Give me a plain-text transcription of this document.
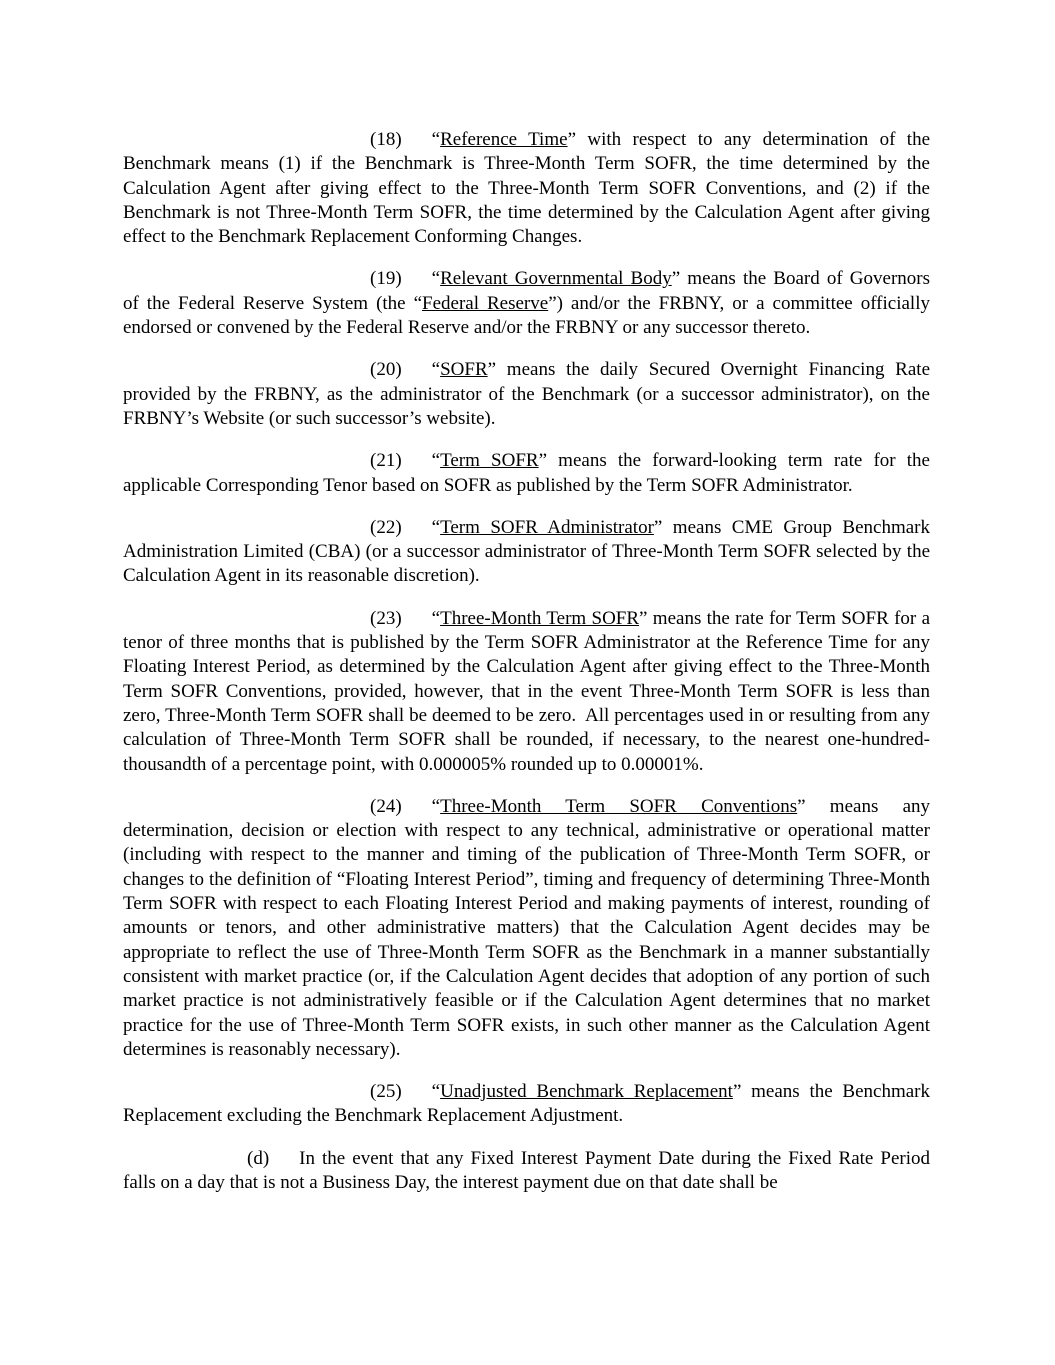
(18) “Reference Time” with respect to any determination of the Benchmark means (1) if the Benchmark is Three-Month Term SOFR, the time determined by the Calculation Agent after giving effect to the Three-Month Term SOFR Conventions, and (2) if the Benchmark is not Three-Month Term SOFR, the time determined by the Calculation Agent after giving effect to the Benchmark Replacement Conforming Changes.

(19) “Relevant Governmental Body” means the Board of Governors of the Federal Reserve System (the “Federal Reserve”) and/or the FRBNY, or a committee officially endorsed or convened by the Federal Reserve and/or the FRBNY or any successor thereto.

(20) “SOFR” means the daily Secured Overnight Financing Rate provided by the FRBNY, as the administrator of the Benchmark (or a successor administrator), on the FRBNY’s Website (or such successor’s website).

(21) “Term SOFR” means the forward-looking term rate for the applicable Corresponding Tenor based on SOFR as published by the Term SOFR Administrator.

(22) “Term SOFR Administrator” means CME Group Benchmark Administration Limited (CBA) (or a successor administrator of Three-Month Term SOFR selected by the Calculation Agent in its reasonable discretion).

(23) “Three-Month Term SOFR” means the rate for Term SOFR for a tenor of three months that is published by the Term SOFR Administrator at the Reference Time for any Floating Interest Period, as determined by the Calculation Agent after giving effect to the Three-Month Term SOFR Conventions, provided, however, that in the event Three-Month Term SOFR is less than zero, Three-Month Term SOFR shall be deemed to be zero.  All percentages used in or resulting from any calculation of Three-Month Term SOFR shall be rounded, if necessary, to the nearest one-hundred-thousandth of a percentage point, with 0.000005% rounded up to 0.00001%.

(24) “Three-Month Term SOFR Conventions” means any determination, decision or election with respect to any technical, administrative or operational matter (including with respect to the manner and timing of the publication of Three-Month Term SOFR, or changes to the definition of “Floating Interest Period”, timing and frequency of determining Three-Month Term SOFR with respect to each Floating Interest Period and making payments of interest, rounding of amounts or tenors, and other administrative matters) that the Calculation Agent decides may be appropriate to reflect the use of Three-Month Term SOFR as the Benchmark in a manner substantially consistent with market practice (or, if the Calculation Agent decides that adoption of any portion of such market practice is not administratively feasible or if the Calculation Agent determines that no market practice for the use of Three-Month Term SOFR exists, in such other manner as the Calculation Agent determines is reasonably necessary).

(25) “Unadjusted Benchmark Replacement” means the Benchmark Replacement excluding the Benchmark Replacement Adjustment.

(d) In the event that any Fixed Interest Payment Date during the Fixed Rate Period falls on a day that is not a Business Day, the interest payment due on that date shall be
